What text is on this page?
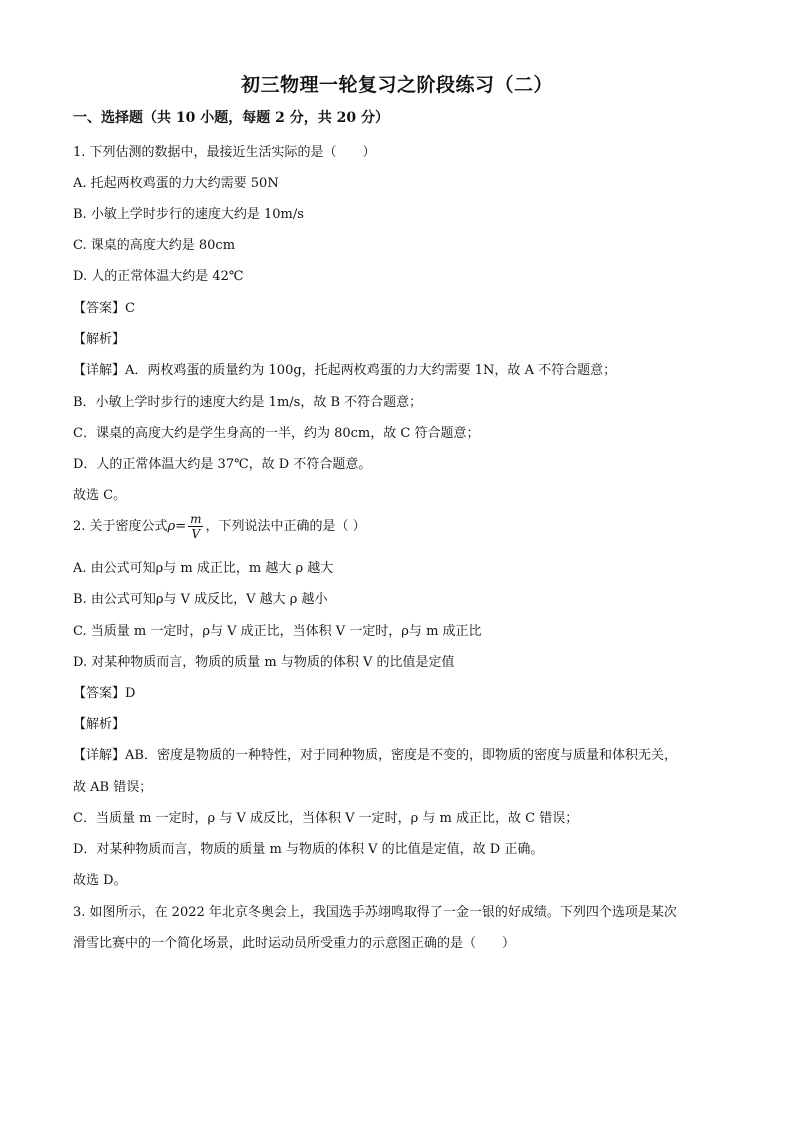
初三物理一轮复习之阶段练习（二）
一、选择题（共 10 小题，每题 2 分，共 20 分）
1. 下列估测的数据中，最接近生活实际的是（　　）
A. 托起两枚鸡蛋的力大约需要 50N
B. 小敏上学时步行的速度大约是 10m/s
C. 课桌的高度大约是 80cm
D. 人的正常体温大约是 42℃
【答案】C
【解析】
【详解】A．两枚鸡蛋的质量约为 100g，托起两枚鸡蛋的力大约需要 1N，故 A 不符合题意；
B．小敏上学时步行的速度大约是 1m/s，故 B 不符合题意；
C．课桌的高度大约是学生身高的一半，约为 80cm，故 C 符合题意；
D．人的正常体温大约是 37℃，故 D 不符合题意。
故选 C。
2. 关于密度公式$\rho= \frac{m}{V}$ ，下列说法中正确的是（ ）
A. 由公式可知ρ与 m 成正比，m 越大 ρ 越大
B. 由公式可知ρ与 V 成反比，V 越大 ρ 越小
C. 当质量 m 一定时，ρ与 V 成正比，当体积 V 一定时，ρ与 m 成正比
D. 对某种物质而言，物质的质量 m 与物质的体积 V 的比值是定值
【答案】D
【解析】
【详解】AB．密度是物质的一种特性，对于同种物质，密度是不变的，即物质的密度与质量和体积无关，
故 AB 错误；
C．当质量 m 一定时，ρ 与 V 成反比，当体积 V 一定时，ρ 与 m 成正比，故 C 错误；
D．对某种物质而言，物质的质量 m 与物质的体积 V 的比值是定值，故 D 正确。
故选 D。
3. 如图所示，在 2022 年北京冬奥会上，我国选手苏翊鸣取得了一金一银的好成绩。下列四个选项是某次
滑雪比赛中的一个简化场景，此时运动员所受重力的示意图正确的是（　　）
